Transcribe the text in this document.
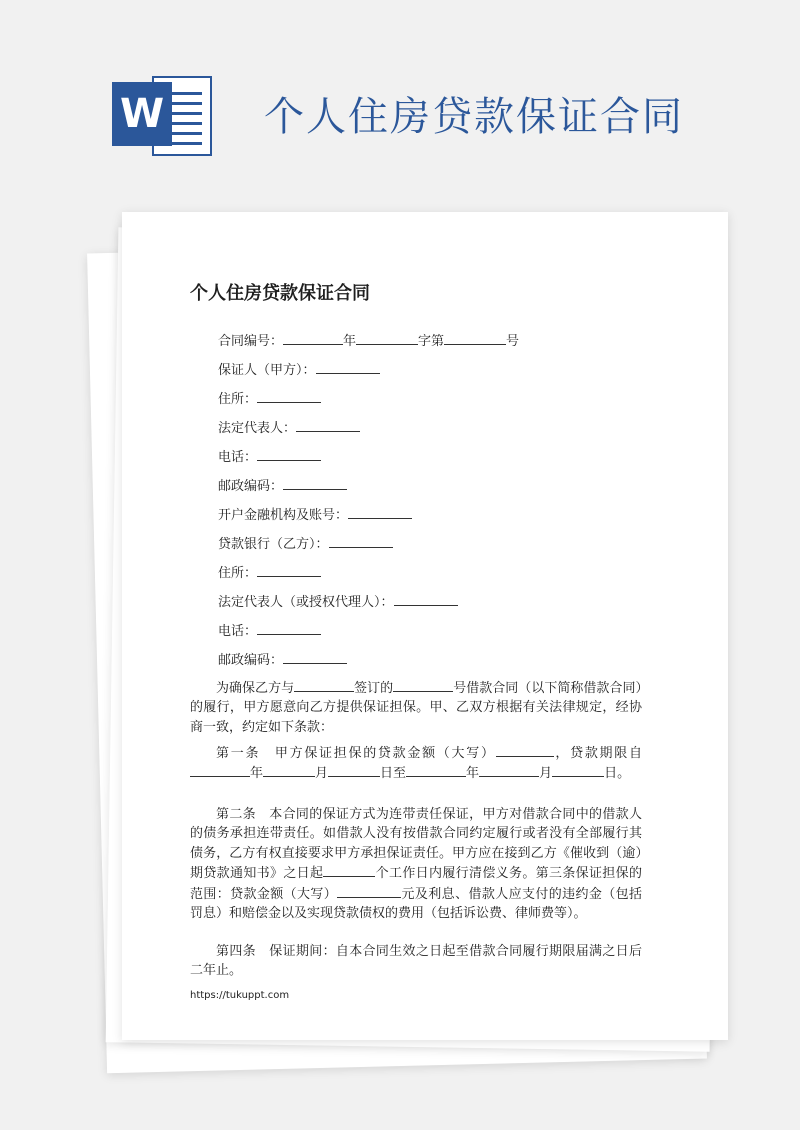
W 个人住房贷款保证合同
个人住房贷款保证合同
合同编号：	年	字第	号
保证人（甲方）：
住所：
法定代表人：
电话：
邮政编码：
开户金融机构及账号：
贷款银行（乙方）：
住所：
法定代表人（或授权代理人）：
电话：
邮政编码：

为确保乙方与	签订的	号借款合同（以下简称借款合同）的履行，甲方愿意向乙方提供保证担保。甲、乙双方根据有关法律规定，经协商一致，约定如下条款：

第一条　甲方保证担保的贷款金额（大写）	，贷款期限自年	月	日至	年	月	日。

第二条　本合同的保证方式为连带责任保证，甲方对借款合同中的借款人的债务承担连带责任。如借款人没有按借款合同约定履行或者没有全部履行其债务，乙方有权直接要求甲方承担保证责任。甲方应在接到乙方《催收到（逾）期贷款通知书》之日起	个工作日内履行清偿义务。第三条保证担保的范围：贷款金额（大写）	元及利息、借款人应支付的违约金（包括罚息）和赔偿金以及实现贷款债权的费用（包括诉讼费、律师费等）。

第四条　保证期间：自本合同生效之日起至借款合同履行期限届满之日后二年止。

https://tukuppt.com
